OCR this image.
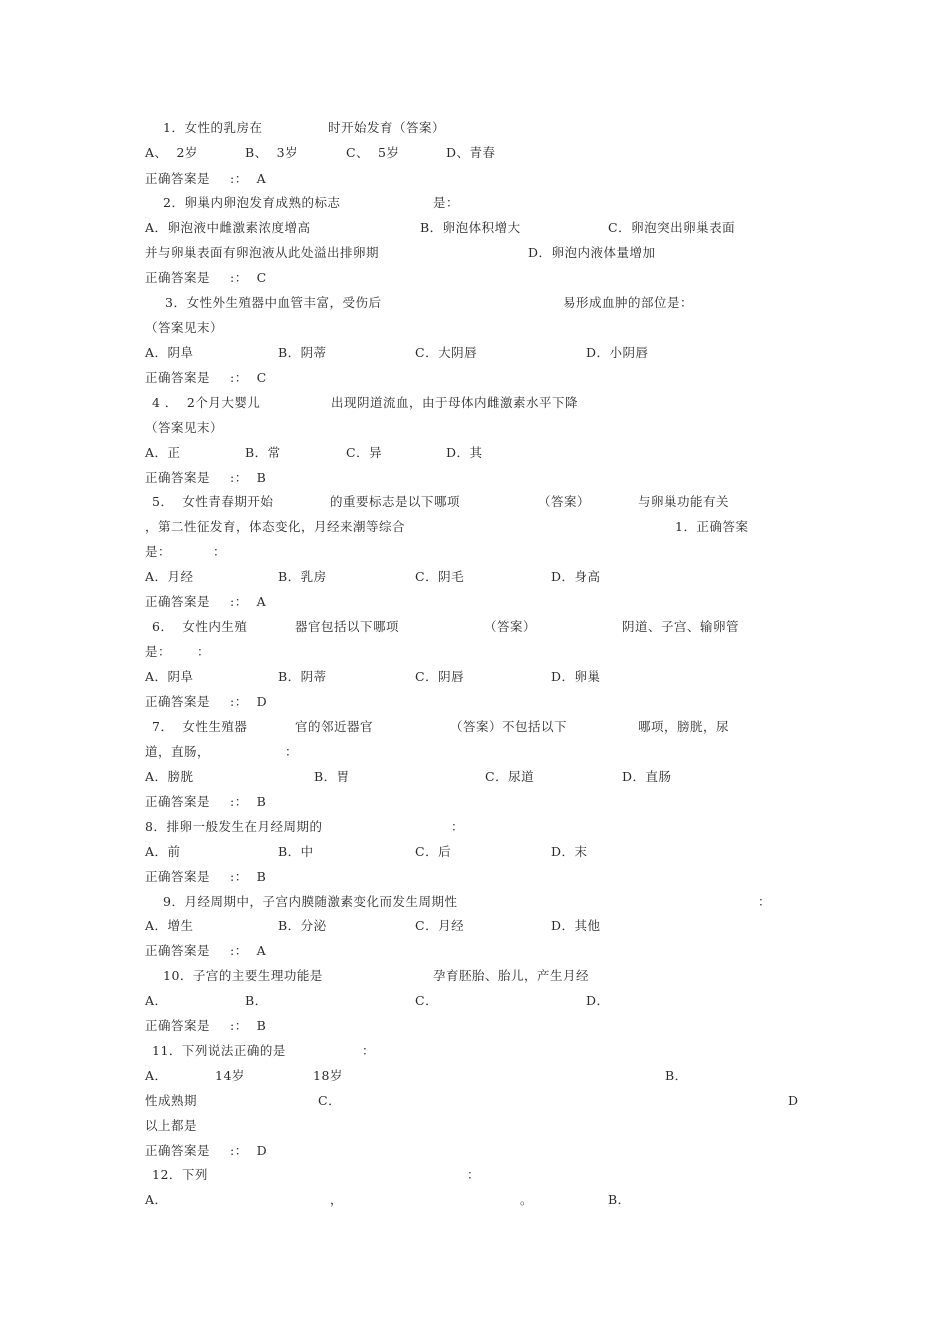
1．女性的乳房在	时开始发育（答案）
A、  2岁	B、  3岁	C、  5岁	D、青春
正确答案是 :：  A
2．卵巢内卵泡发育成熟的标志	是：
A．卵泡液中雌激素浓度增高	B．卵泡体积增大	C．卵泡突出卵巢表面
并与卵巢表面有卵泡液从此处溢出排卵期	D．卵泡内液体量增加
正确答案是 :：  C
3．女性外生殖器中血管丰富，受伤后	易形成血肿的部位是：
（答案见末）
A．阴阜	B．阴蒂	C．大阴唇	D．小阴唇
正确答案是 :：  C
4 ．  2个月大婴儿	出现阴道流血，由于母体内雌激素水平下降
（答案见末）
A．正	B．常	C．异	D．其
正确答案是 :：  B
5．  女性青春期开始	的重要标志是以下哪项	（答案）	与卵巢功能有关
，第二性征发育，体态变化，月经来潮等综合	1．正确答案
是：	：
A．月经	B．乳房	C．阴毛	D．身高
正确答案是 :：  A
6．  女性内生殖	器官包括以下哪项	（答案）	阴道、子宫、输卵管
是： ：
A．阴阜	B．阴蒂	C．阴唇	D．卵巢
正确答案是 :：  D
7．  女性生殖器	官的邻近器官	（答案）不包括以下	哪项，膀胱，尿
道，直肠，	：
A．膀胱	B．胃	C．尿道	D．直肠
正确答案是 :：  B
8．排卵一般发生在月经周期的	：
A．前	B．中	C．后	D．末
正确答案是 :：  B
9．月经周期中，子宫内膜随激素变化而发生周期性	：
A．增生	B．分泌	C．月经	D．其他
正确答案是 :：  A
10．子宫的主要生理功能是	孕育胚胎、胎儿，产生月经
A．	B．	C．	D．
正确答案是 :：  B
11．下列说法正确的是	：
A．	14岁	18岁	B．
性成熟期	C．	D
以上都是
正确答案是 :：  D
12．下列	：
A．	，	。	B．
